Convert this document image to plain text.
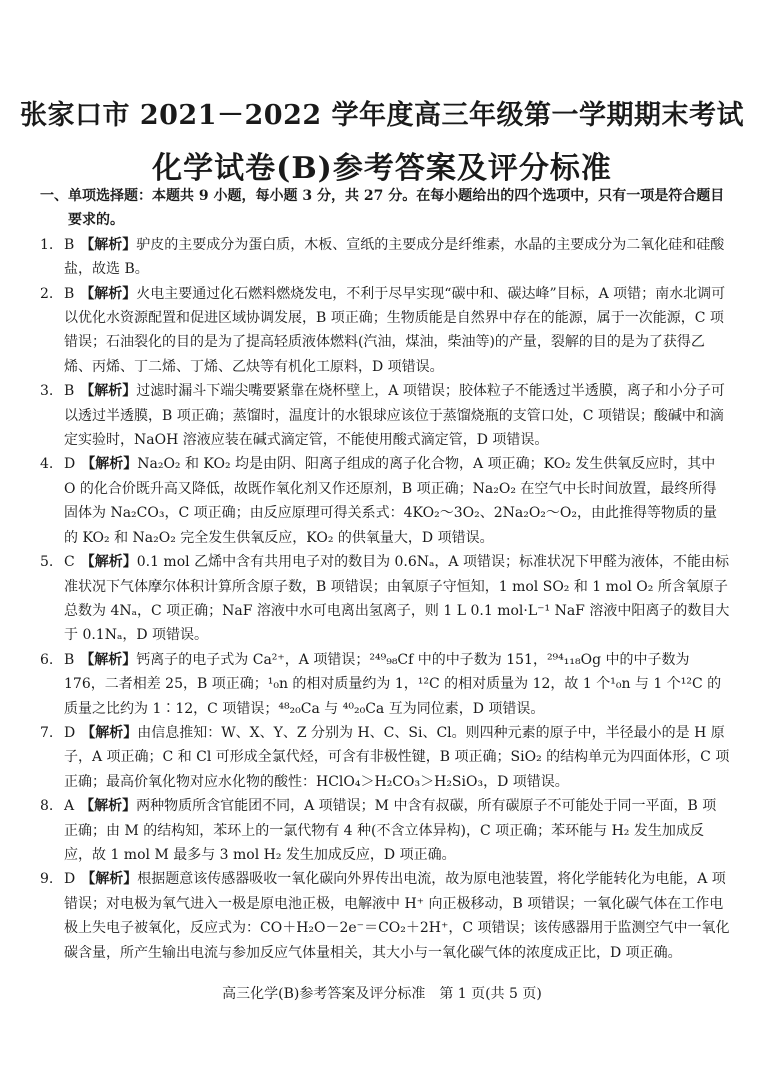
张家口市 2021－2022 学年度高三年级第一学期期末考试
化学试卷(B)参考答案及评分标准
一、单项选择题：本题共 9 小题，每小题 3 分，共 27 分。在每小题给出的四个选项中，只有一项是符合题目要求的。
1. B 【解析】驴皮的主要成分为蛋白质，木板、宣纸的主要成分是纤维素，水晶的主要成分为二氧化硅和硅酸盐，故选 B。
2. B 【解析】火电主要通过化石燃料燃烧发电，不利于尽早实现“碳中和、碳达峰”目标，A 项错；南水北调可以优化水资源配置和促进区域协调发展，B 项正确；生物质能是自然界中存在的能源，属于一次能源，C 项错误；石油裂化的目的是为了提高轻质液体燃料(汽油，煤油，柴油等)的产量，裂解的目的是为了获得乙烯、丙烯、丁二烯、丁烯、乙炔等有机化工原料，D 项错误。
3. B 【解析】过滤时漏斗下端尖嘴要紧靠在烧杯壁上，A 项错误；胶体粒子不能透过半透膜，离子和小分子可以透过半透膜，B 项正确；蒸馏时，温度计的水银球应该位于蒸馏烧瓶的支管口处，C 项错误；酸碱中和滴定实验时，NaOH 溶液应装在碱式滴定管，不能使用酸式滴定管，D 项错误。
4. D 【解析】Na₂O₂ 和 KO₂ 均是由阴、阳离子组成的离子化合物，A 项正确；KO₂ 发生供氧反应时，其中 O 的化合价既升高又降低，故既作氧化剂又作还原剂，B 项正确；Na₂O₂ 在空气中长时间放置，最终所得固体为 Na₂CO₃，C 项正确；由反应原理可得关系式：4KO₂～3O₂、2Na₂O₂～O₂，由此推得等物质的量的 KO₂ 和 Na₂O₂ 完全发生供氧反应，KO₂ 的供氧量大，D 项错误。
5. C 【解析】0.1 mol 乙烯中含有共用电子对的数目为 0.6Nₐ，A 项错误；标准状况下甲醛为液体，不能由标准状况下气体摩尔体积计算所含原子数，B 项错误；由氧原子守恒知，1 mol SO₂ 和 1 mol O₂ 所含氧原子总数为 4Nₐ，C 项正确；NaF 溶液中水可电离出氢离子，则 1 L 0.1 mol·L⁻¹ NaF 溶液中阳离子的数目大于 0.1Nₐ，D 项错误。
6. B 【解析】钙离子的电子式为 Ca²⁺，A 项错误；²⁴⁹₉₈Cf 中的中子数为 151，²⁹⁴₁₁₈Og 中的中子数为 176，二者相差 25，B 项正确；¹₀n 的相对质量约为 1，¹²C 的相对质量为 12，故 1 个¹₀n 与 1 个¹²C 的质量之比约为 1∶12，C 项错误；⁴⁸₂₀Ca 与 ⁴⁰₂₀Ca 互为同位素，D 项错误。
7. D 【解析】由信息推知：W、X、Y、Z 分别为 H、C、Si、Cl。则四种元素的原子中，半径最小的是 H 原子，A 项正确；C 和 Cl 可形成全氯代烃，可含有非极性键，B 项正确；SiO₂ 的结构单元为四面体形，C 项正确；最高价氧化物对应水化物的酸性：HClO₄＞H₂CO₃＞H₂SiO₃，D 项错误。
8. A 【解析】两种物质所含官能团不同，A 项错误；M 中含有叔碳，所有碳原子不可能处于同一平面，B 项正确；由 M 的结构知，苯环上的一氯代物有 4 种(不含立体异构)，C 项正确；苯环能与 H₂ 发生加成反应，故 1 mol M 最多与 3 mol H₂ 发生加成反应，D 项正确。
9. D 【解析】根据题意该传感器吸收一氧化碳向外界传出电流，故为原电池装置，将化学能转化为电能，A 项错误；对电极为氧气进入一极是原电池正极，电解液中 H⁺ 向正极移动，B 项错误；一氧化碳气体在工作电极上失电子被氧化，反应式为：CO＋H₂O－2e⁻＝CO₂＋2H⁺，C 项错误；该传感器用于监测空气中一氧化碳含量，所产生输出电流与参加反应气体量相关，其大小与一氧化碳气体的浓度成正比，D 项正确。
高三化学(B)参考答案及评分标准　第 1 页(共 5 页)
